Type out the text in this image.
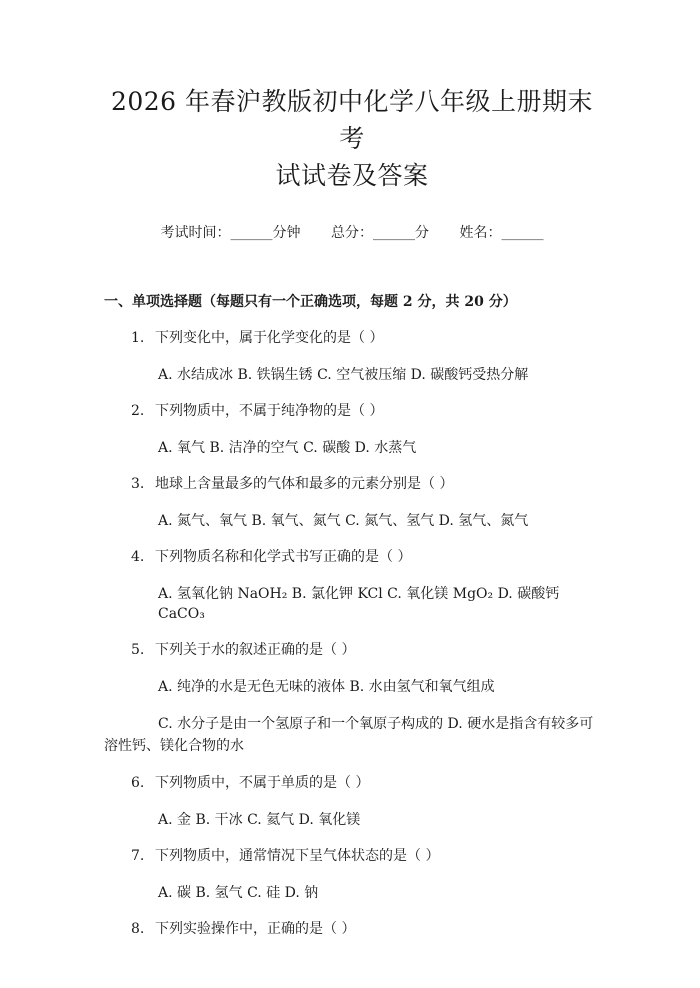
2026 年春沪教版初中化学八年级上册期末考
试试卷及答案
考试时间：______分钟 总分：______分 姓名：______
一、单项选择题（每题只有一个正确选项，每题 2 分，共 20 分）
1. 下列变化中，属于化学变化的是（ ）
A. 水结成冰 B. 铁锅生锈 C. 空气被压缩 D. 碳酸钙受热分解
2. 下列物质中，不属于纯净物的是（ ）
A. 氧气 B. 洁净的空气 C. 碳酸 D. 水蒸气
3. 地球上含量最多的气体和最多的元素分别是（ ）
A. 氮气、氧气 B. 氧气、氮气 C. 氮气、氢气 D. 氢气、氮气
4. 下列物质名称和化学式书写正确的是（ ）
A. 氢氧化钠 NaOH₂ B. 氯化钾 KCl C. 氧化镁 MgO₂ D. 碳酸钙 CaCO₃
5. 下列关于水的叙述正确的是（ ）
A. 纯净的水是无色无味的液体 B. 水由氢气和氧气组成
C. 水分子是由一个氢原子和一个氧原子构成的 D. 硬水是指含有较多可溶性钙、镁化合物的水
6. 下列物质中，不属于单质的是（ ）
A. 金 B. 干冰 C. 氦气 D. 氧化镁
7. 下列物质中，通常情况下呈气体状态的是（ ）
A. 碳 B. 氢气 C. 硅 D. 钠
8. 下列实验操作中，正确的是（ ）
